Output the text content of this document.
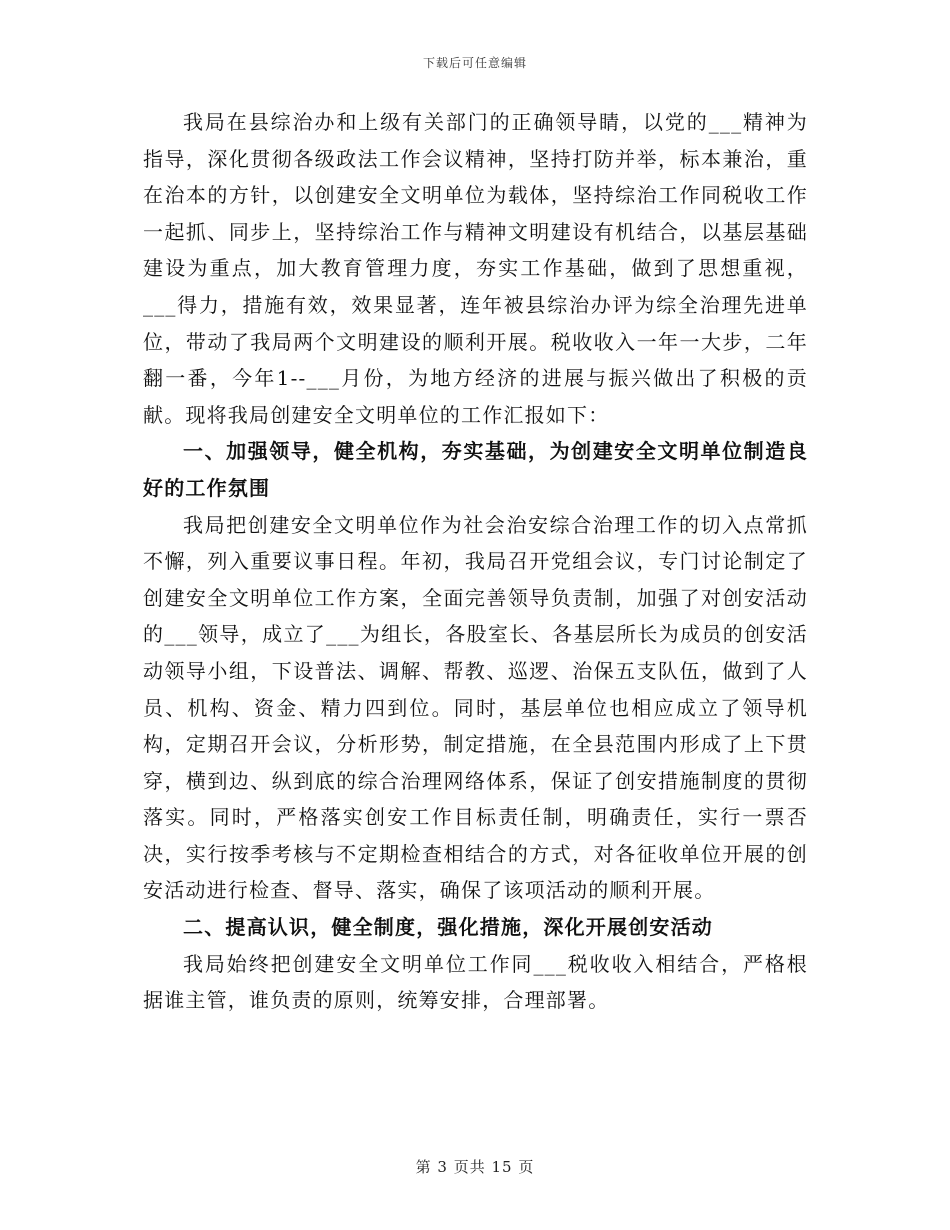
下载后可任意编辑

我局在县综治办和上级有关部门的正确领导睛，以党的___精神为指导，深化贯彻各级政法工作会议精神，坚持打防并举，标本兼治，重在治本的方针，以创建安全文明单位为载体，坚持综治工作同税收工作一起抓、同步上，坚持综治工作与精神文明建设有机结合，以基层基础建设为重点，加大教育管理力度，夯实工作基础，做到了思想重视，___得力，措施有效，效果显著，连年被县综治办评为综全治理先进单位，带动了我局两个文明建设的顺利开展。税收收入一年一大步，二年翻一番，今年1--___月份，为地方经济的进展与振兴做出了积极的贡献。现将我局创建安全文明单位的工作汇报如下：

一、加强领导，健全机构，夯实基础，为创建安全文明单位制造良好的工作氛围

我局把创建安全文明单位作为社会治安综合治理工作的切入点常抓不懈，列入重要议事日程。年初，我局召开党组会议，专门讨论制定了创建安全文明单位工作方案，全面完善领导负责制，加强了对创安活动的___领导，成立了___为组长，各股室长、各基层所长为成员的创安活动领导小组，下设普法、调解、帮教、巡逻、治保五支队伍，做到了人员、机构、资金、精力四到位。同时，基层单位也相应成立了领导机构，定期召开会议，分析形势，制定措施，在全县范围内形成了上下贯穿，横到边、纵到底的综合治理网络体系，保证了创安措施制度的贯彻落实。同时，严格落实创安工作目标责任制，明确责任，实行一票否决，实行按季考核与不定期检查相结合的方式，对各征收单位开展的创安活动进行检查、督导、落实，确保了该项活动的顺利开展。

二、提高认识，健全制度，强化措施，深化开展创安活动

我局始终把创建安全文明单位工作同___税收收入相结合，严格根据谁主管，谁负责的原则，统筹安排，合理部署。

第 3 页共 15 页
